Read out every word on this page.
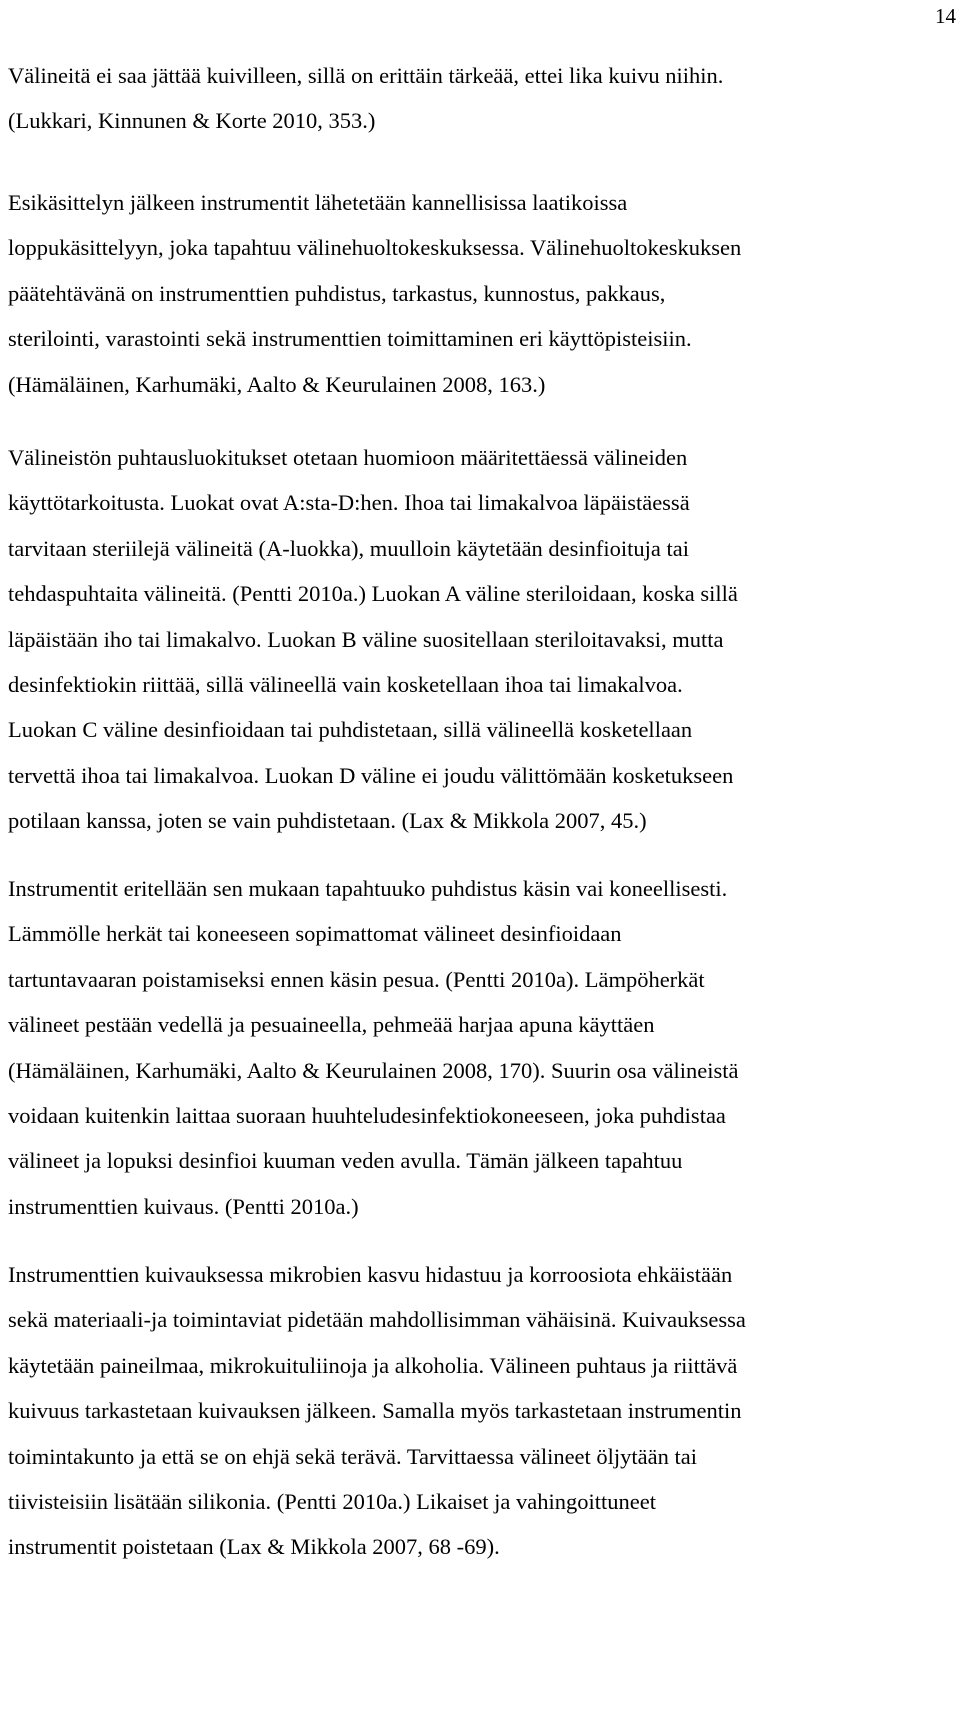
14
Välineitä ei saa jättää kuivilleen, sillä on erittäin tärkeää, ettei lika kuivu niihin.
(Lukkari, Kinnunen & Korte 2010, 353.)
Esikäsittelyn jälkeen instrumentit lähetetään kannellisissa laatikoissa
loppukäsittelyyn, joka tapahtuu välinehuoltokeskuksessa. Välinehuoltokeskuksen
päätehtävänä on instrumenttien puhdistus, tarkastus, kunnostus, pakkaus,
sterilointi, varastointi sekä instrumenttien toimittaminen eri käyttöpisteisiin.
(Hämäläinen, Karhumäki, Aalto & Keurulainen 2008, 163.)
Välineistön puhtausluokitukset otetaan huomioon määritettäessä välineiden
käyttötarkoitusta. Luokat ovat A:sta-D:hen. Ihoa tai limakalvoa läpäistäessä
tarvitaan steriilejä välineitä (A-luokka), muulloin käytetään desinfioituja tai
tehdaspuhtaita välineitä. (Pentti 2010a.) Luokan A väline steriloidaan, koska sillä
läpäistään iho tai limakalvo. Luokan B väline suositellaan steriloitavaksi, mutta
desinfektiokin riittää, sillä välineellä vain kosketellaan ihoa tai limakalvoa.
Luokan C väline desinfioidaan tai puhdistetaan, sillä välineellä kosketellaan
tervettä ihoa tai limakalvoa. Luokan D väline ei joudu välittömään kosketukseen
potilaan kanssa, joten se vain puhdistetaan. (Lax & Mikkola 2007, 45.)
Instrumentit eritellään sen mukaan tapahtuuko puhdistus käsin vai koneellisesti.
Lämmölle herkät tai koneeseen sopimattomat välineet desinfioidaan
tartuntavaaran poistamiseksi ennen käsin pesua. (Pentti 2010a). Lämpöherkät
välineet pestään vedellä ja pesuaineella, pehmeää harjaa apuna käyttäen
(Hämäläinen, Karhumäki, Aalto & Keurulainen 2008, 170). Suurin osa välineistä
voidaan kuitenkin laittaa suoraan huuhteludesinfektiokoneeseen, joka puhdistaa
välineet ja lopuksi desinfioi kuuman veden avulla. Tämän jälkeen tapahtuu
instrumenttien kuivaus. (Pentti 2010a.)
Instrumenttien kuivauksessa mikrobien kasvu hidastuu ja korroosiota ehkäistään
sekä materiaali-ja toimintaviat pidetään mahdollisimman vähäisinä. Kuivauksessa
käytetään paineilmaa, mikrokuituliinoja ja alkoholia. Välineen puhtaus ja riittävä
kuivuus tarkastetaan kuivauksen jälkeen. Samalla myös tarkastetaan instrumentin
toimintakunto ja että se on ehjä sekä terävä. Tarvittaessa välineet öljytään tai
tiivisteisiin lisätään silikonia. (Pentti 2010a.) Likaiset ja vahingoittuneet
instrumentit poistetaan (Lax & Mikkola 2007, 68 -69).
